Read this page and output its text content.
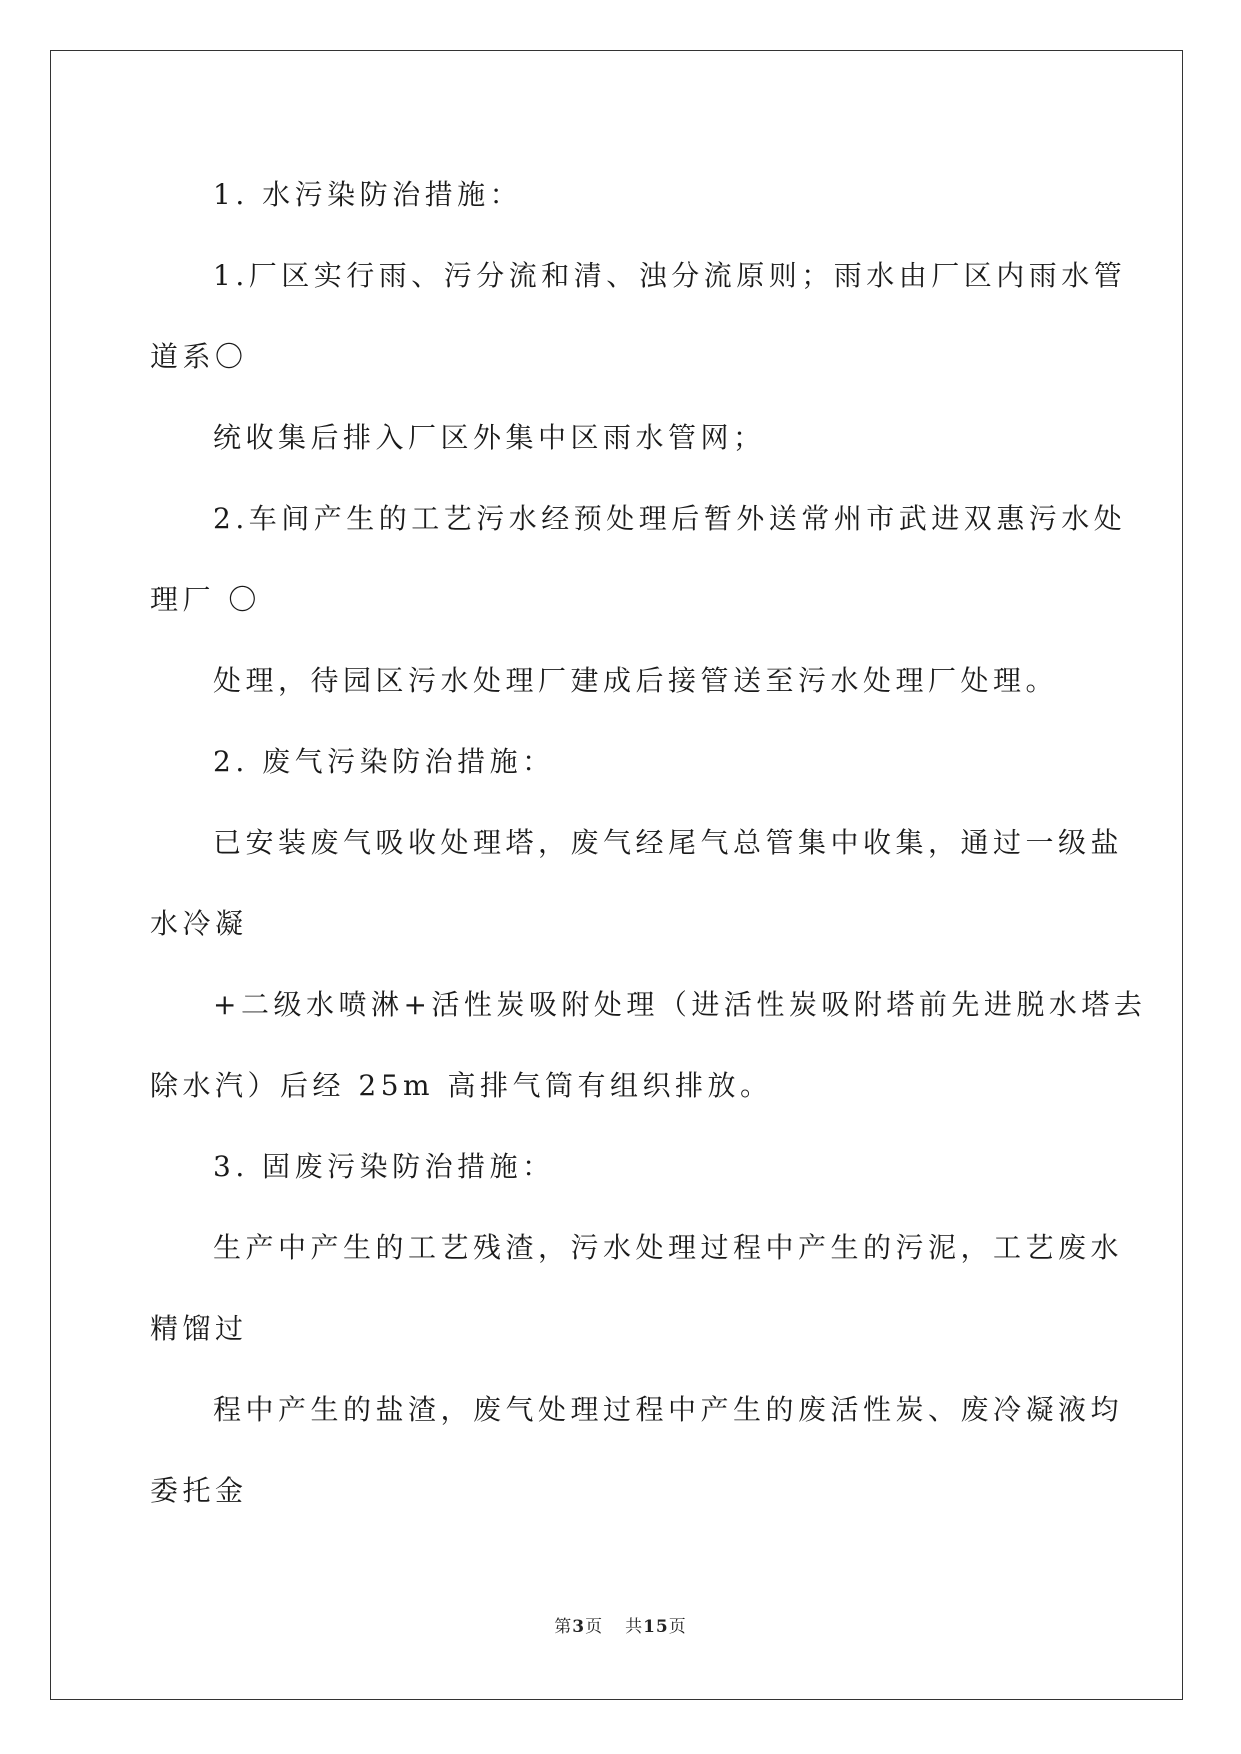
1. 水污染防治措施：
1.厂区实行雨、污分流和清、浊分流原则；雨水由厂区内雨水管
道系〇
统收集后排入厂区外集中区雨水管网；
2.车间产生的工艺污水经预处理后暂外送常州市武进双惠污水处
理厂 〇
处理，待园区污水处理厂建成后接管送至污水处理厂处理。
2. 废气污染防治措施：
已安装废气吸收处理塔，废气经尾气总管集中收集，通过一级盐
水冷凝
+二级水喷淋+活性炭吸附处理（进活性炭吸附塔前先进脱水塔去
除水汽）后经 25m 高排气筒有组织排放。
3. 固废污染防治措施：
生产中产生的工艺残渣，污水处理过程中产生的污泥，工艺废水
精馏过
程中产生的盐渣，废气处理过程中产生的废活性炭、废冷凝液均
委托金
第3页 共15页
